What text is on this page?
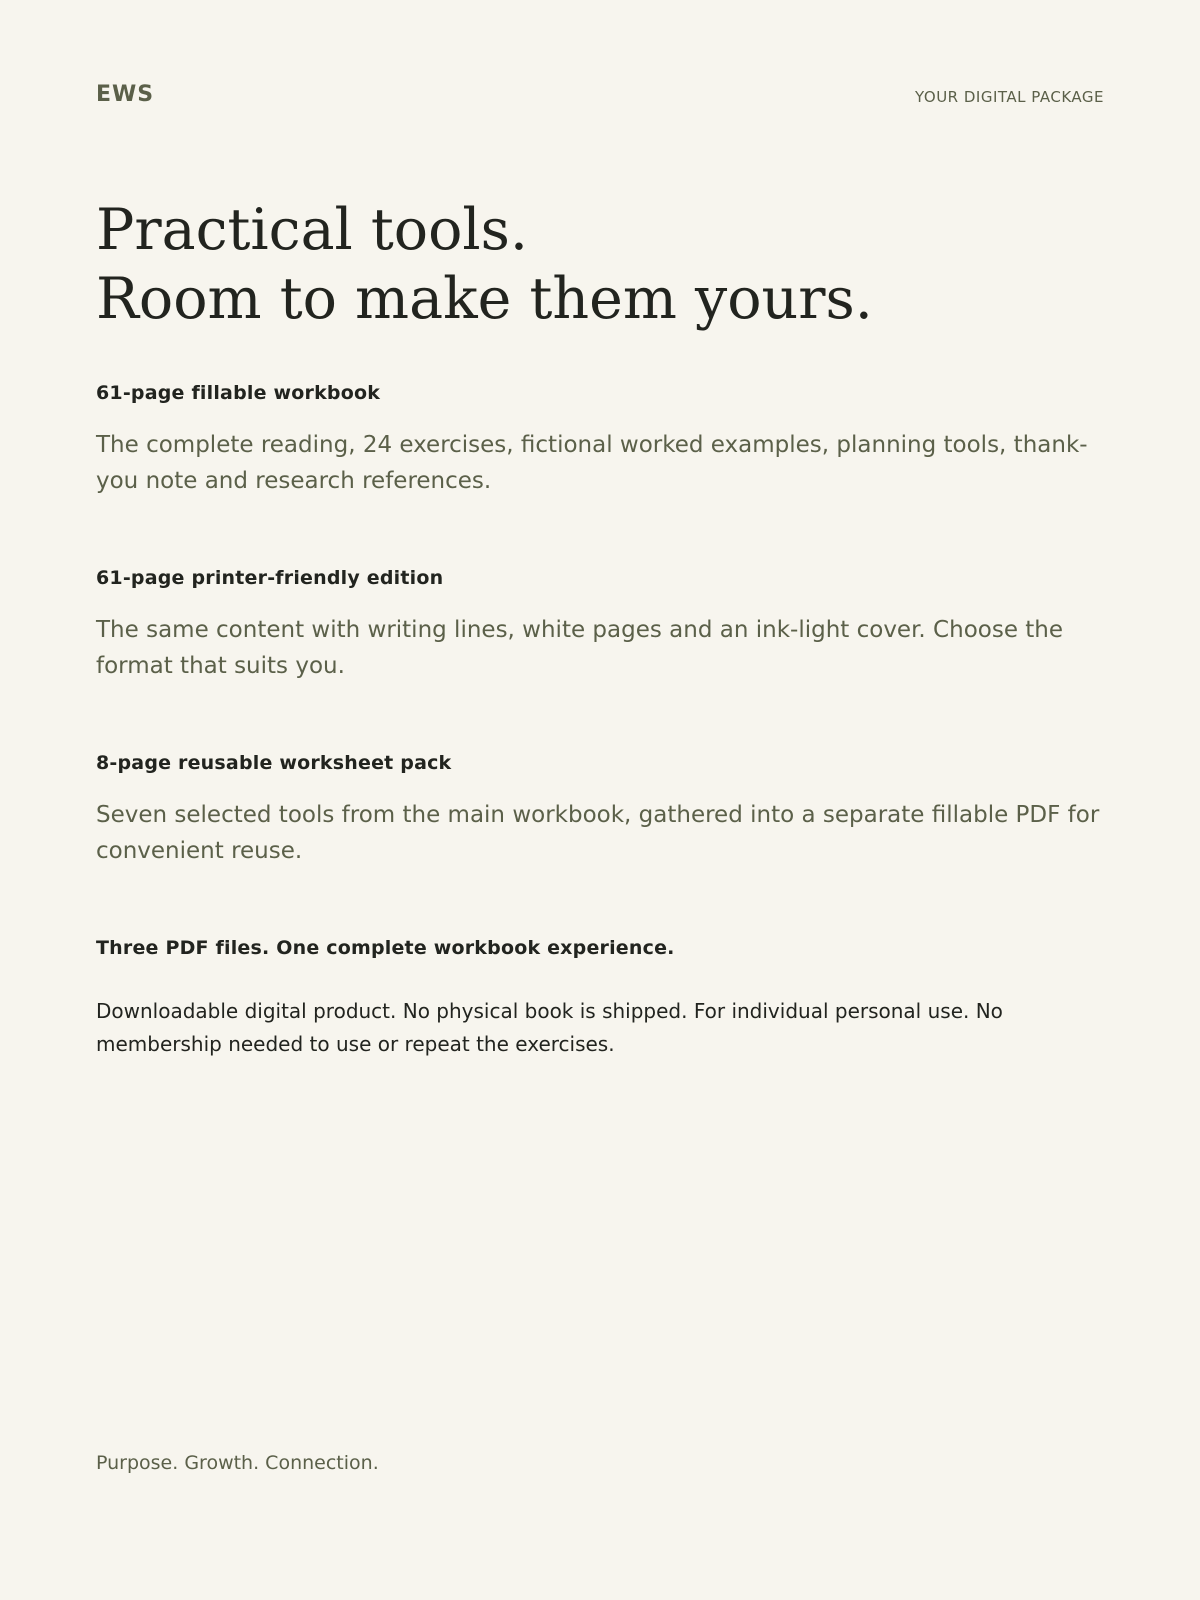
EWS	YOUR DIGITAL PACKAGE
Practical tools.
Room to make them yours.
61-page fillable workbook

The complete reading, 24 exercises, fictional worked examples, planning tools, thank-you note and research references.

61-page printer-friendly edition

The same content with writing lines, white pages and an ink-light cover. Choose the format that suits you.

8-page reusable worksheet pack

Seven selected tools from the main workbook, gathered into a separate fillable PDF for convenient reuse.

Three PDF files. One complete workbook experience.

Downloadable digital product. No physical book is shipped. For individual personal use. No membership needed to use or repeat the exercises.

Purpose. Growth. Connection.
